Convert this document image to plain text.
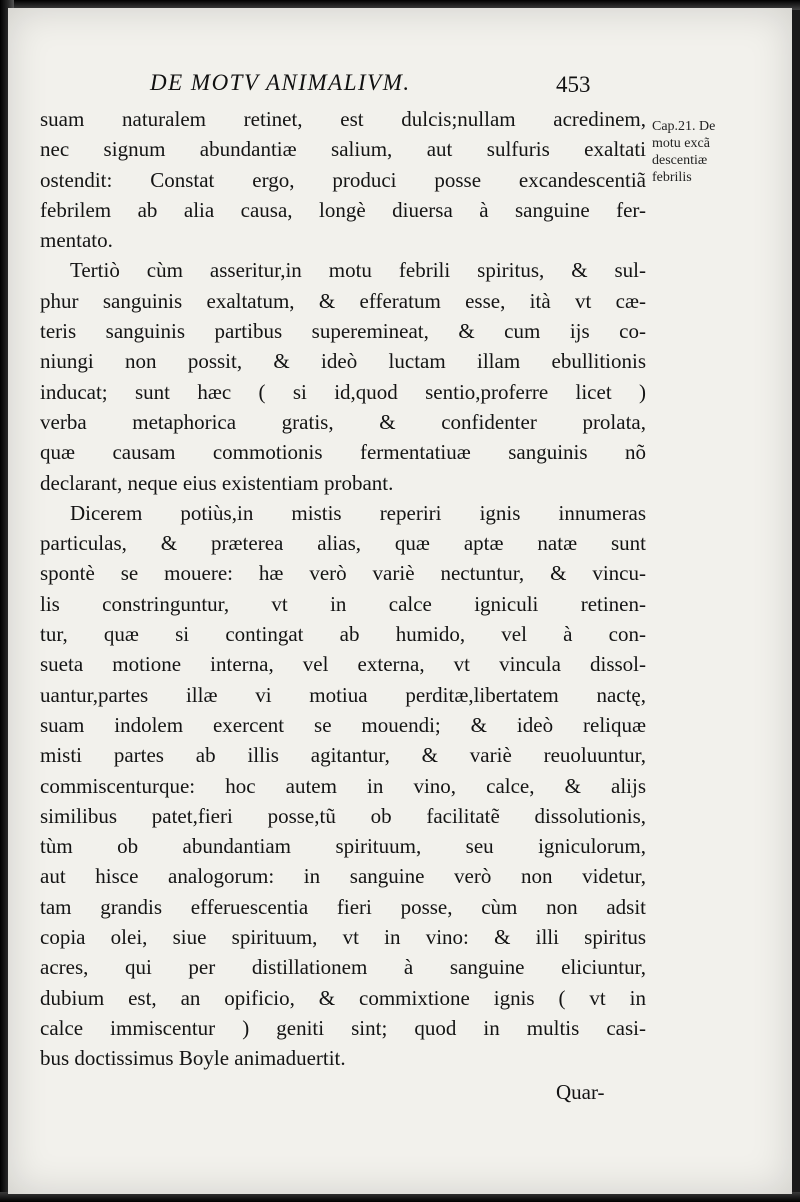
DE MOTV ANIMALIVM.	453
Cap.21. De
motu excã
descentiæ
febrilis
suam naturalem retinet, est dulcis;nullam acredinem,
nec signum abundantiæ salium, aut sulfuris exaltati
ostendit: Constat ergo, produci posse excandescentiã
febrilem ab alia causa, longè diuersa à sanguine fer-
mentato.
Tertiò cùm asseritur,in motu febrili spiritus, & sul-
phur sanguinis exaltatum, & efferatum esse, ità vt cæ-
teris sanguinis partibus superemineat, & cum ijs co-
niungi non possit, & ideò luctam illam ebullitionis
inducat; sunt hæc ( si id,quod sentio,proferre licet )
verba metaphorica gratis, & confidenter prolata,
quæ causam commotionis fermentatiuæ sanguinis nõ
declarant, neque eius existentiam probant.
Dicerem potiùs,in mistis reperiri ignis innumeras
particulas, & præterea alias, quæ aptæ natæ sunt
spontè se mouere: hæ verò variè nectuntur, & vincu-
lis constringuntur, vt in calce igniculi retinen-
tur, quæ si contingat ab humido, vel à con-
sueta motione interna, vel externa, vt vincula dissol-
uantur,partes illæ vi motiua perditæ,libertatem nactę,
suam indolem exercent se mouendi; & ideò reliquæ
misti partes ab illis agitantur, & variè reuoluuntur,
commiscenturque: hoc autem in vino, calce, & alijs
similibus patet,fieri posse,tũ ob facilitatẽ dissolutionis,
tùm ob abundantiam spirituum, seu igniculorum,
aut hisce analogorum: in sanguine verò non videtur,
tam grandis efferuescentia fieri posse, cùm non adsit
copia olei, siue spirituum, vt in vino: & illi spiritus
acres, qui per distillationem à sanguine eliciuntur,
dubium est, an opificio, & commixtione ignis ( vt in
calce immiscentur ) geniti sint; quod in multis casi-
bus doctissimus Boyle animaduertit.
Quar-
